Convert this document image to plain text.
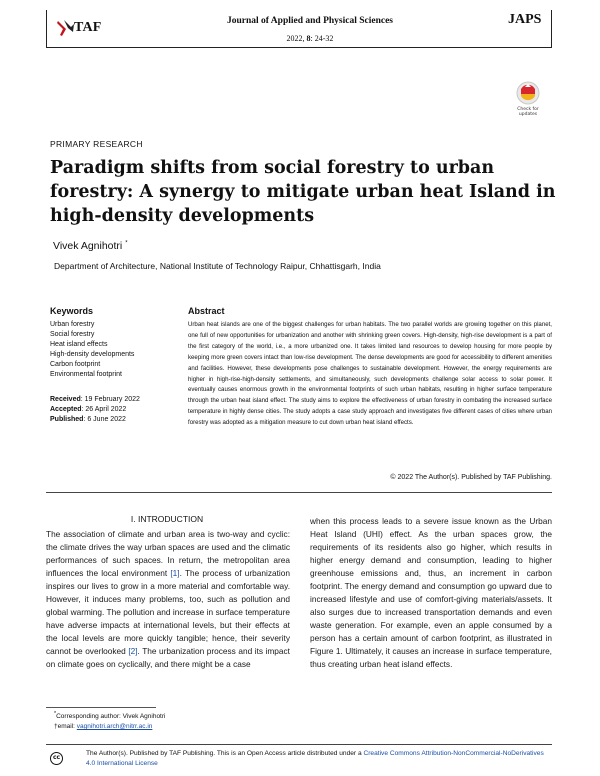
TAF	Journal of Applied and Physical Sciences
2022, 8: 24-32
JAPS
Check for updates
PRIMARY RESEARCH
Paradigm shifts from social forestry to urban forestry: A synergy to mitigate urban heat Island in high-density developments
Vivek Agnihotri *
Department of Architecture, National Institute of Technology Raipur, Chhattisgarh, India
Keywords
Urban forestry
Social forestry
Heat island effects
High-density developments
Carbon footprint
Environmental footprint
Received: 19 February 2022
Accepted: 26 April 2022
Published: 6 June 2022
Abstract
Urban heat islands are one of the biggest challenges for urban habitats. The two parallel worlds are growing together on this planet, one full of new opportunities for urbanization and another with shrinking green covers. High-density, high-rise development is a part of the first category of the world, i.e., a more urbanized one. It takes limited land resources to develop housing for more people by keeping more green covers intact than low-rise development. The dense developments are good for accessibility to different amenities and facilities. However, these developments pose challenges to sustainable development. However, the energy requirements are higher in high-rise-high-density settlements, and simultaneously, such developments challenge solar access to solar power. It eventually causes enormous growth in the environmental footprints of such urban habitats, resulting in higher surface temperature through the urban heat island effect. The study aims to explore the effectiveness of urban forestry in combating the increased surface temperature in highly dense cities. The study adopts a case study approach and investigates five different cases of cities where urban forestry was adopted as a mitigation measure to cut down urban heat island effects.
© 2022 The Author(s). Published by TAF Publishing.
I. INTRODUCTION
The association of climate and urban area is two-way and cyclic: the climate drives the way urban spaces are used and the climatic performances of such spaces. In return, the metropolitan area influences the local environment [1]. The process of urbanization inspires our lives to grow in a more material and comfortable way. However, it induces many problems, too, such as pollution and global warming. The pollution and increase in surface temperature have adverse impacts at international levels, but their effects at the local levels are more quickly tangible; hence, their severity cannot be overlooked [2]. The urbanization process and its impact on climate goes on cyclically, and there might be a case
when this process leads to a severe issue known as the Urban Heat Island (UHI) effect. As the urban spaces grow, the requirements of its residents also go higher, which results in higher energy demand and consumption, leading to higher greenhouse emissions and, thus, an increment in carbon footprint. The energy demand and consumption go upward due to increased lifestyle and use of comfort-giving materials/assets. It also surges due to increased transportation demands and even waste generation. For example, even an apple consumed by a person has a certain amount of carbon footprint, as illustrated in Figure 1. Ultimately, it causes an increase in surface temperature, thus creating urban heat island effects.
*Corresponding author: Vivek Agnihotri
†email: vagnihotri.arch@nitrr.ac.in
cc
The Author(s). Published by TAF Publishing. This is an Open Access article distributed under a Creative Commons Attribution-NonCommercial-NoDerivatives 4.0 International License
